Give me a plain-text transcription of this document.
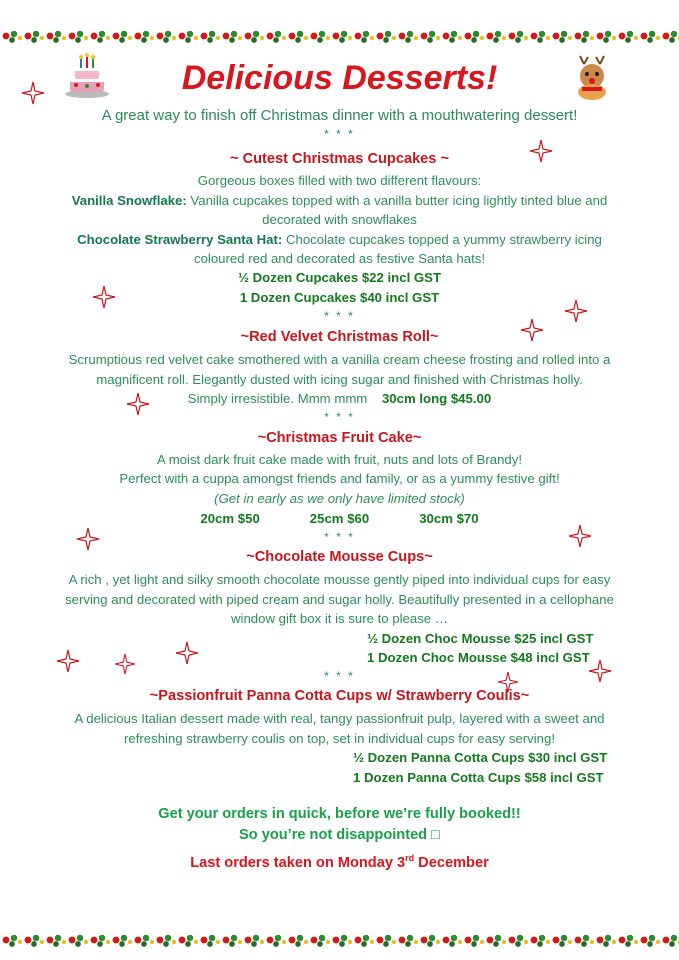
Delicious Desserts!
A great way to finish off Christmas dinner with a mouthwatering dessert!
* * *
~ Cutest Christmas Cupcakes ~
Gorgeous boxes filled with two different flavours:
Vanilla Snowflake: Vanilla cupcakes topped with a vanilla butter icing lightly tinted blue and
decorated with snowflakes
Chocolate Strawberry Santa Hat: Chocolate cupcakes topped a yummy strawberry icing
coloured red and decorated as festive Santa hats!
½ Dozen Cupcakes $22 incl GST
1 Dozen Cupcakes $40 incl GST
* * *
~Red Velvet Christmas Roll~
Scrumptious red velvet cake smothered with a vanilla cream cheese frosting and rolled into a
magnificent roll. Elegantly dusted with icing sugar and finished with Christmas holly.
Simply irresistible. Mmm mmm 30cm long $45.00
* * *
~Christmas Fruit Cake~
A moist dark fruit cake made with fruit, nuts and lots of Brandy!
Perfect with a cuppa amongst friends and family, or as a yummy festive gift!
(Get in early as we only have limited stock)
20cm $50	25cm $60	30cm $70
* * *
~Chocolate Mousse Cups~
A rich , yet light and silky smooth chocolate mousse gently piped into individual cups for easy
serving and decorated with piped cream and sugar holly. Beautifully presented in a cellophane
window gift box it is sure to please …
½ Dozen Choc Mousse $25 incl GST
1 Dozen Choc Mousse $48 incl GST
* * *
~Passionfruit Panna Cotta Cups w/ Strawberry Coulis~
A delicious Italian dessert made with real, tangy passionfruit pulp, layered with a sweet and
refreshing strawberry coulis on top, set in individual cups for easy serving!
½ Dozen Panna Cotta Cups $30 incl GST
1 Dozen Panna Cotta Cups $58 incl GST
Get your orders in quick, before we’re fully booked!!
So you’re not disappointed □
Last orders taken on Monday 3rd December
